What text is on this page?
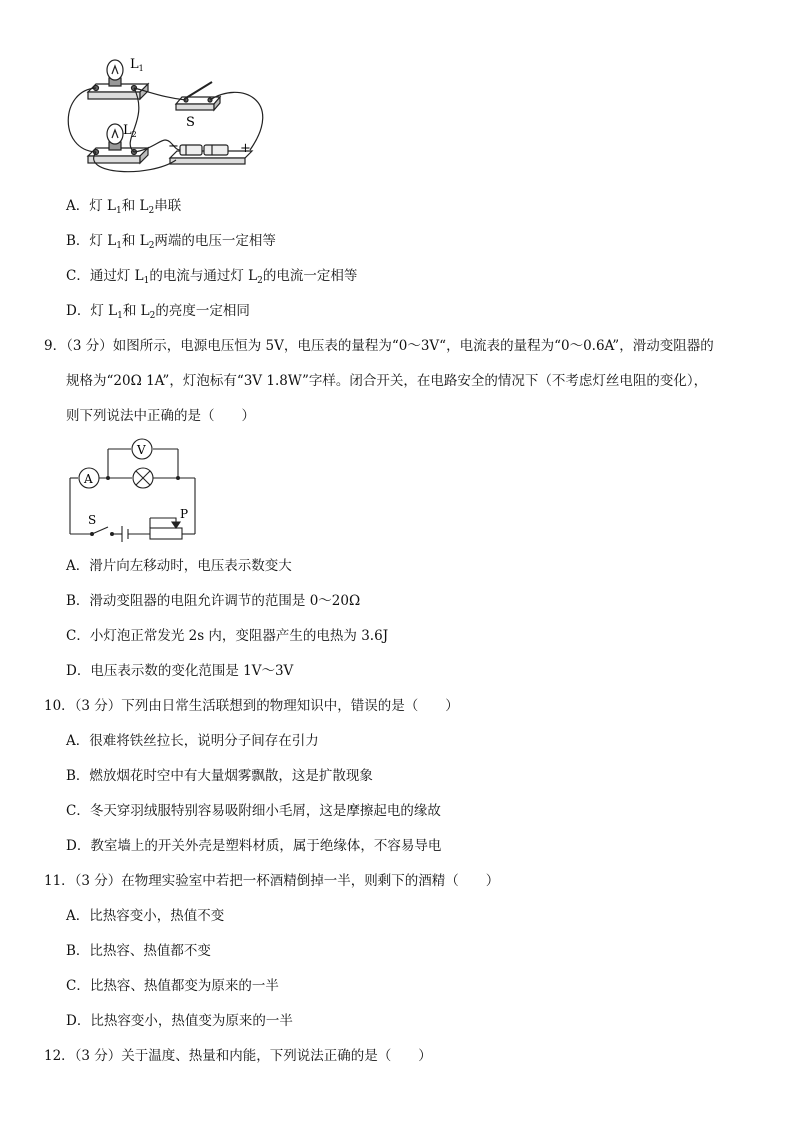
$L_1$
$L_2$
S
−	+
A．灯 $L_1$和 $L_2$串联
B．灯 $L_1$和 $L_2$两端的电压一定相等
C．通过灯 $L_1$的电流与通过灯 $L_2$的电流一定相等
D．灯 $L_1$和 $L_2$的亮度一定相同
9．（3 分）如图所示，电源电压恒为 5V，电压表的量程为“0～3V“，电流表的量程为“0～0.6A”，滑动变阻器的
规格为“20Ω 1A”，灯泡标有“3V 1.8W”字样。闭合开关，在电路安全的情况下（不考虑灯丝电阻的变化），
则下列说法中正确的是（　　）
V
A
S	P
A．滑片向左移动时，电压表示数变大
B．滑动变阻器的电阻允许调节的范围是 0～20Ω
C．小灯泡正常发光 2s 内，变阻器产生的电热为 3.6J
D．电压表示数的变化范围是 1V～3V
10．（3 分）下列由日常生活联想到的物理知识中，错误的是（　　）
A．很难将铁丝拉长，说明分子间存在引力
B．燃放烟花时空中有大量烟雾飘散，这是扩散现象
C．冬天穿羽绒服特别容易吸附细小毛屑，这是摩擦起电的缘故
D．教室墙上的开关外壳是塑料材质，属于绝缘体，不容易导电
11．（3 分）在物理实验室中若把一杯酒精倒掉一半，则剩下的酒精（　　）
A．比热容变小，热值不变
B．比热容、热值都不变
C．比热容、热值都变为原来的一半
D．比热容变小，热值变为原来的一半
12．（3 分）关于温度、热量和内能，下列说法正确的是（　　）
